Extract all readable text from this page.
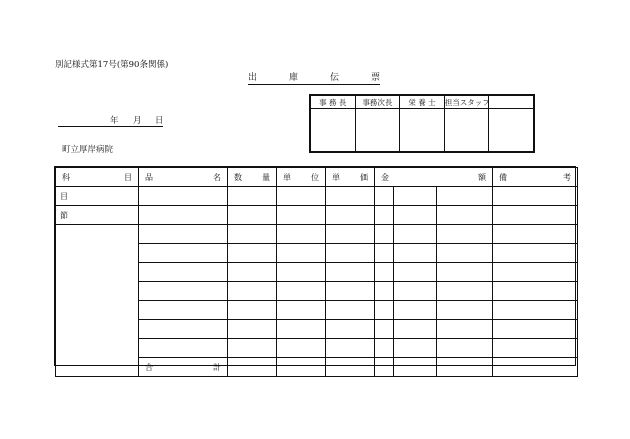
別記様式第17号(第90条関係)
出	庫	伝	票
事 務 長	事務次長	栄 養 士	担当スタッフ	

年 月 日
町立厚岸病院
科 目	品 名	数 量	単 位	単 価	金 額			備 考

目								
節								

	合 計							
